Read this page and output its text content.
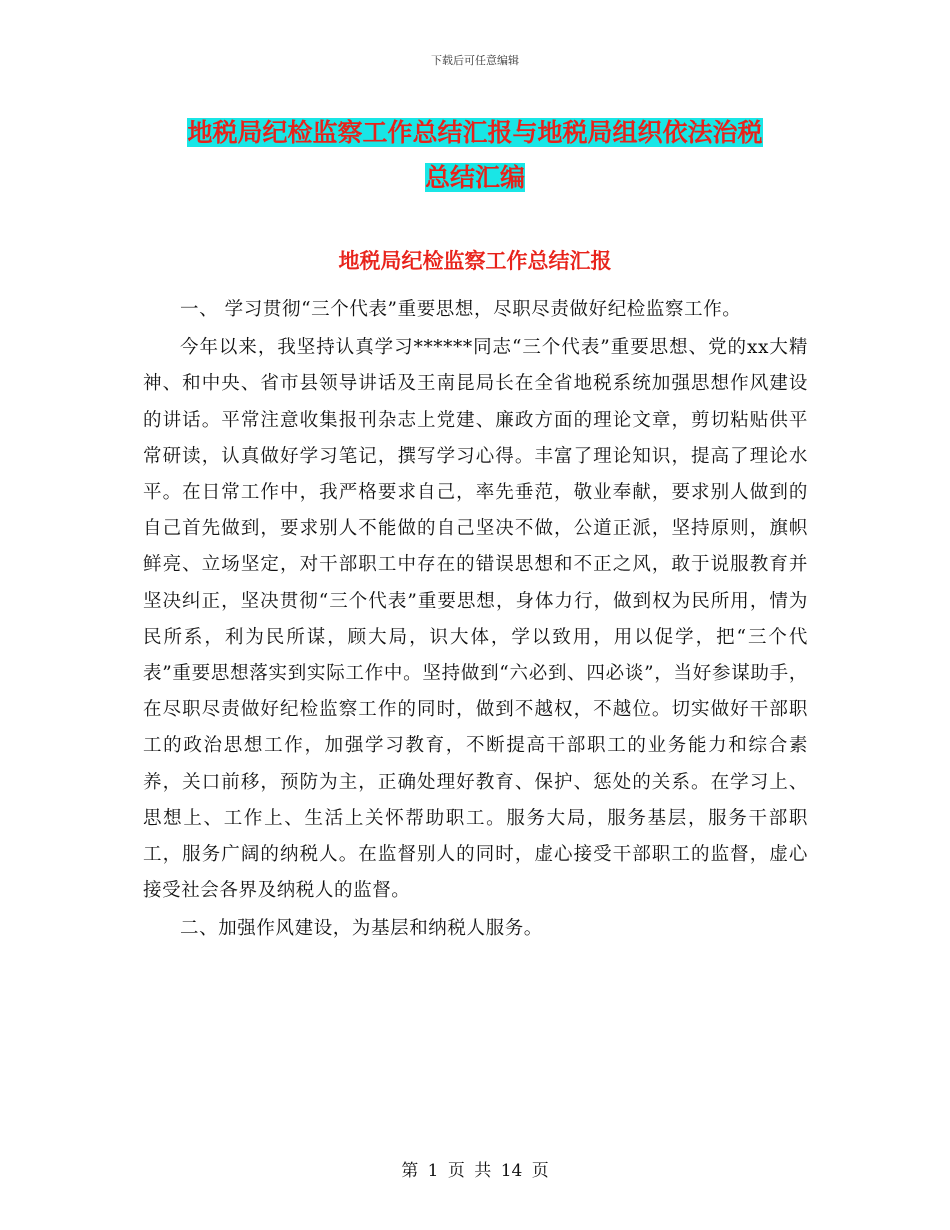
下载后可任意编辑
地税局纪检监察工作总结汇报与地税局组织依法治税
总结汇编
地税局纪检监察工作总结汇报

一、 学习贯彻“三个代表”重要思想，尽职尽责做好纪检监察工作。

今年以来，我坚持认真学习******同志“三个代表”重要思想、党的xx大精神、和中央、省市县领导讲话及王南昆局长在全省地税系统加强思想作风建设的讲话。平常注意收集报刊杂志上党建、廉政方面的理论文章，剪切粘贴供平常研读，认真做好学习笔记，撰写学习心得。丰富了理论知识，提高了理论水平。在日常工作中，我严格要求自己，率先垂范，敬业奉献，要求别人做到的自己首先做到，要求别人不能做的自己坚决不做，公道正派，坚持原则，旗帜鲜亮、立场坚定，对干部职工中存在的错误思想和不正之风，敢于说服教育并坚决纠正，坚决贯彻“三个代表”重要思想，身体力行，做到权为民所用，情为民所系，利为民所谋，顾大局，识大体，学以致用，用以促学，把“三个代表”重要思想落实到实际工作中。坚持做到“六必到、四必谈”，当好参谋助手，在尽职尽责做好纪检监察工作的同时，做到不越权，不越位。切实做好干部职工的政治思想工作，加强学习教育，不断提高干部职工的业务能力和综合素养，关口前移，预防为主，正确处理好教育、保护、惩处的关系。在学习上、思想上、工作上、生活上关怀帮助职工。服务大局，服务基层，服务干部职工，服务广阔的纳税人。在监督别人的同时，虚心接受干部职工的监督，虚心接受社会各界及纳税人的监督。

二、加强作风建设，为基层和纳税人服务。

第 1 页 共 14 页
